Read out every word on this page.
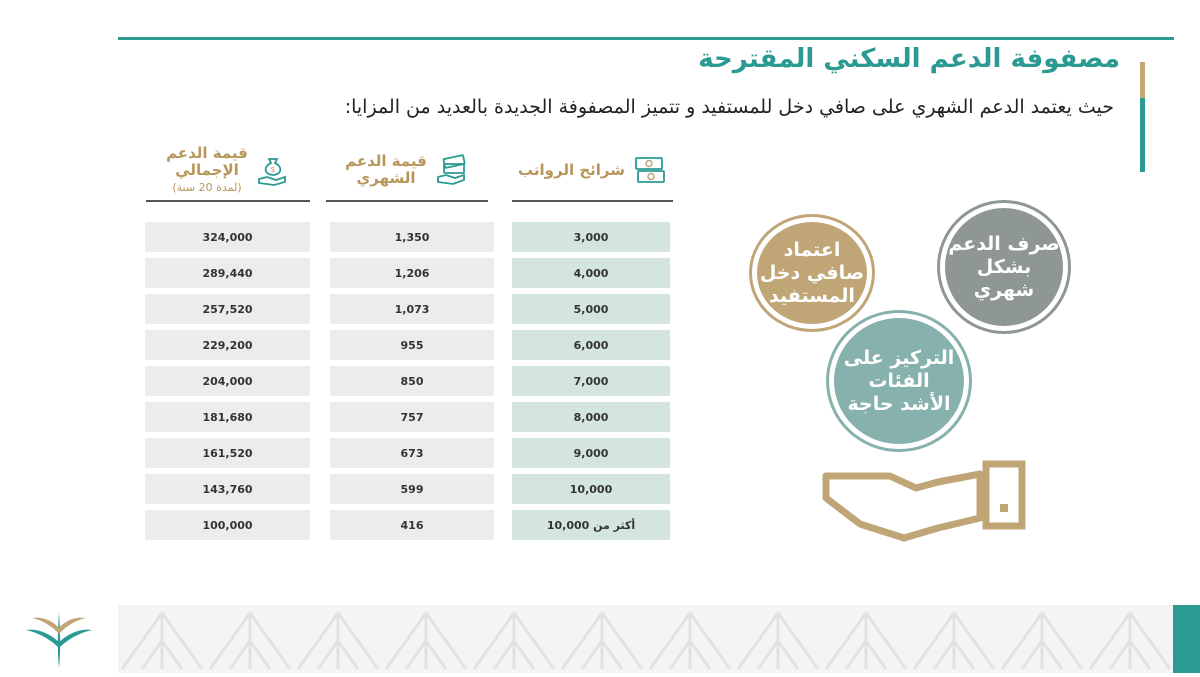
مصفوفة الدعم السكني المقترحة
حيث يعتمد الدعم الشهري على صافي دخل للمستفيد و تتميز المصفوفة الجديدة بالعديد من المزايا:
شرائح الرواتب
قيمة الدعم
الشهري
$
قيمة الدعم
الإجمالي
(لمدة 20 سنة)
3,000
4,000
5,000
6,000
7,000
8,000
9,000
10,000
أكثر من 10,000
1,350
1,206
1,073
955
850
757
673
599
416
324,000
289,440
257,520
229,200
204,000
181,680
161,520
143,760
100,000
اعتماد
صافي دخل
المستفيد
صرف الدعم
بشكل
شهري
التركيز على
الفئات
الأشد حاجة
